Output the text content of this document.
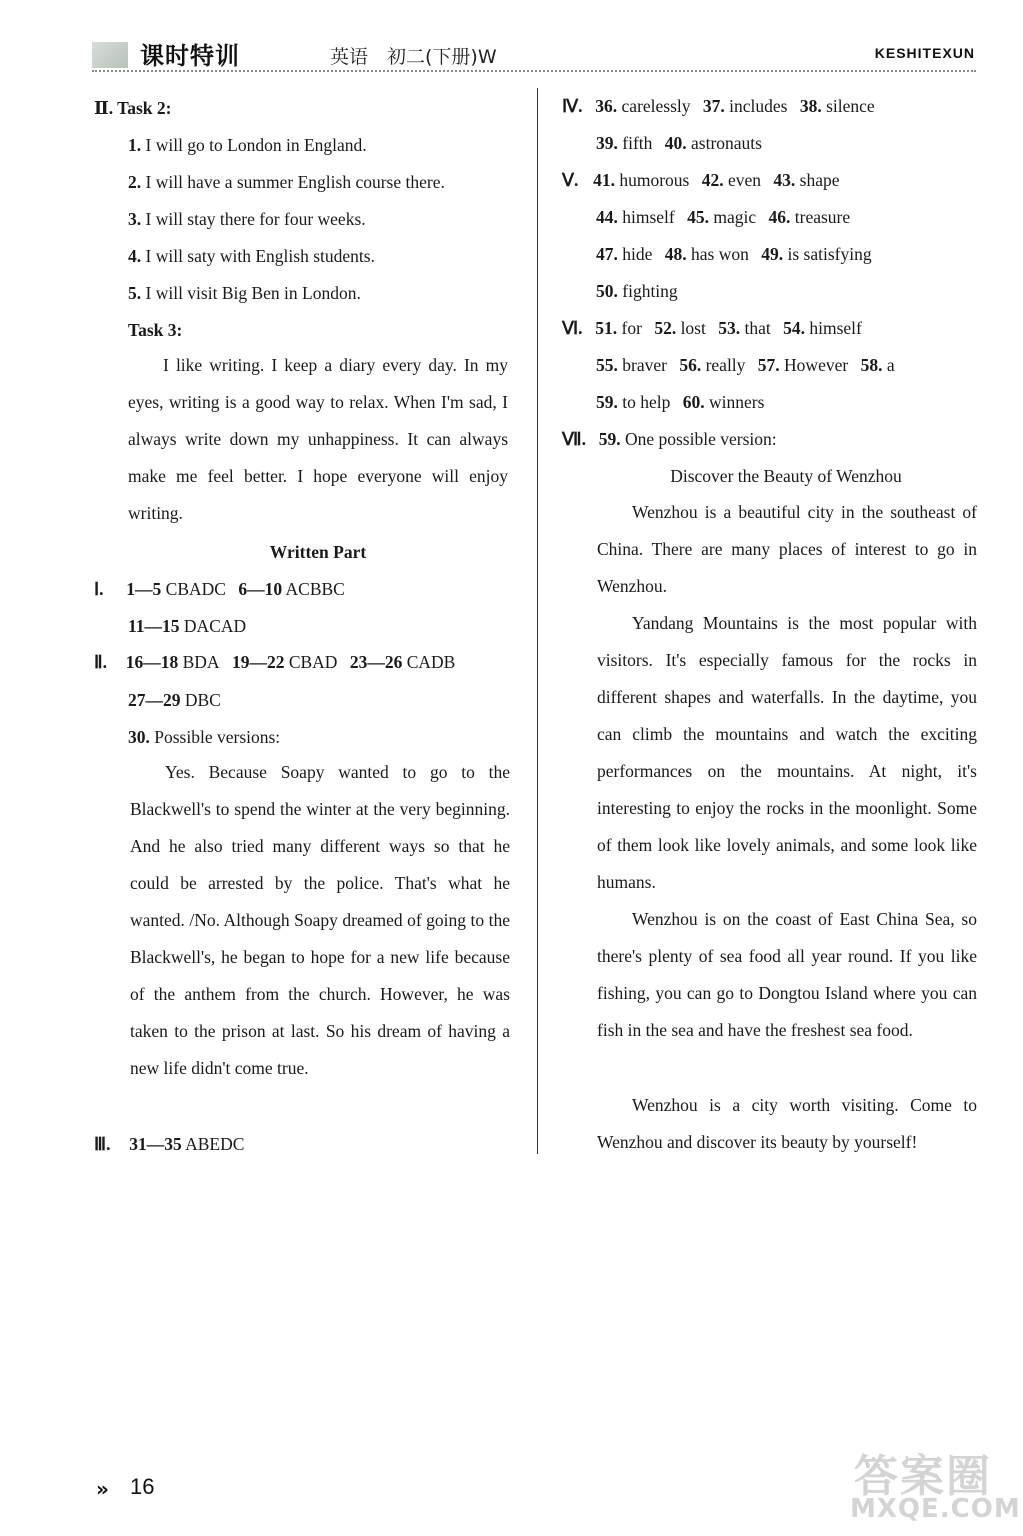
课时特训	英语　初二(下册)W	KESHITEXUN
Ⅱ. Task 2:
1. I will go to London in England.
2. I will have a summer English course there.
3. I will stay there for four weeks.
4. I will saty with English students.
5. I will visit Big Ben in London.
Task 3:

I like writing. I keep a diary every day. In my eyes, writing is a good way to relax. When I'm sad, I always write down my unhappiness. It can always make me feel better. I hope everyone will enjoy writing.

Written Part
Ⅰ. 1—5 CBADC 6—10 ACBBC
11—15 DACAD
Ⅱ. 16—18 BDA 19—22 CBAD 23—26 CADB
27—29 DBC
30. Possible versions:

Yes. Because Soapy wanted to go to the Blackwell's to spend the winter at the very beginning. And he also tried many different ways so that he could be arrested by the police. That's what he wanted. /No. Although Soapy dreamed of going to the Blackwell's, he began to hope for a new life because of the anthem from the church. However, he was taken to the prison at last. So his dream of having a new life didn't come true.

Ⅲ. 31—35 ABEDC
Ⅳ. 36. carelessly 37. includes 38. silence
39. fifth 40. astronauts
Ⅴ. 41. humorous 42. even 43. shape
44. himself 45. magic 46. treasure
47. hide 48. has won 49. is satisfying
50. fighting
Ⅵ. 51. for 52. lost 53. that 54. himself
55. braver 56. really 57. However 58. a
59. to help 60. winners
Ⅶ. 59. One possible version:
Discover the Beauty of Wenzhou

Wenzhou is a beautiful city in the southeast of China. There are many places of interest to go in Wenzhou.

Yandang Mountains is the most popular with visitors. It's especially famous for the rocks in different shapes and waterfalls. In the daytime, you can climb the mountains and watch the exciting performances on the mountains. At night, it's interesting to enjoy the rocks in the moonlight. Some of them look like lovely animals, and some look like humans.

Wenzhou is on the coast of East China Sea, so there's plenty of sea food all year round. If you like fishing, you can go to Dongtou Island where you can fish in the sea and have the freshest sea food.

Wenzhou is a city worth visiting. Come to Wenzhou and discover its beauty by yourself!

» 16	答案圈
MXQE.COM
